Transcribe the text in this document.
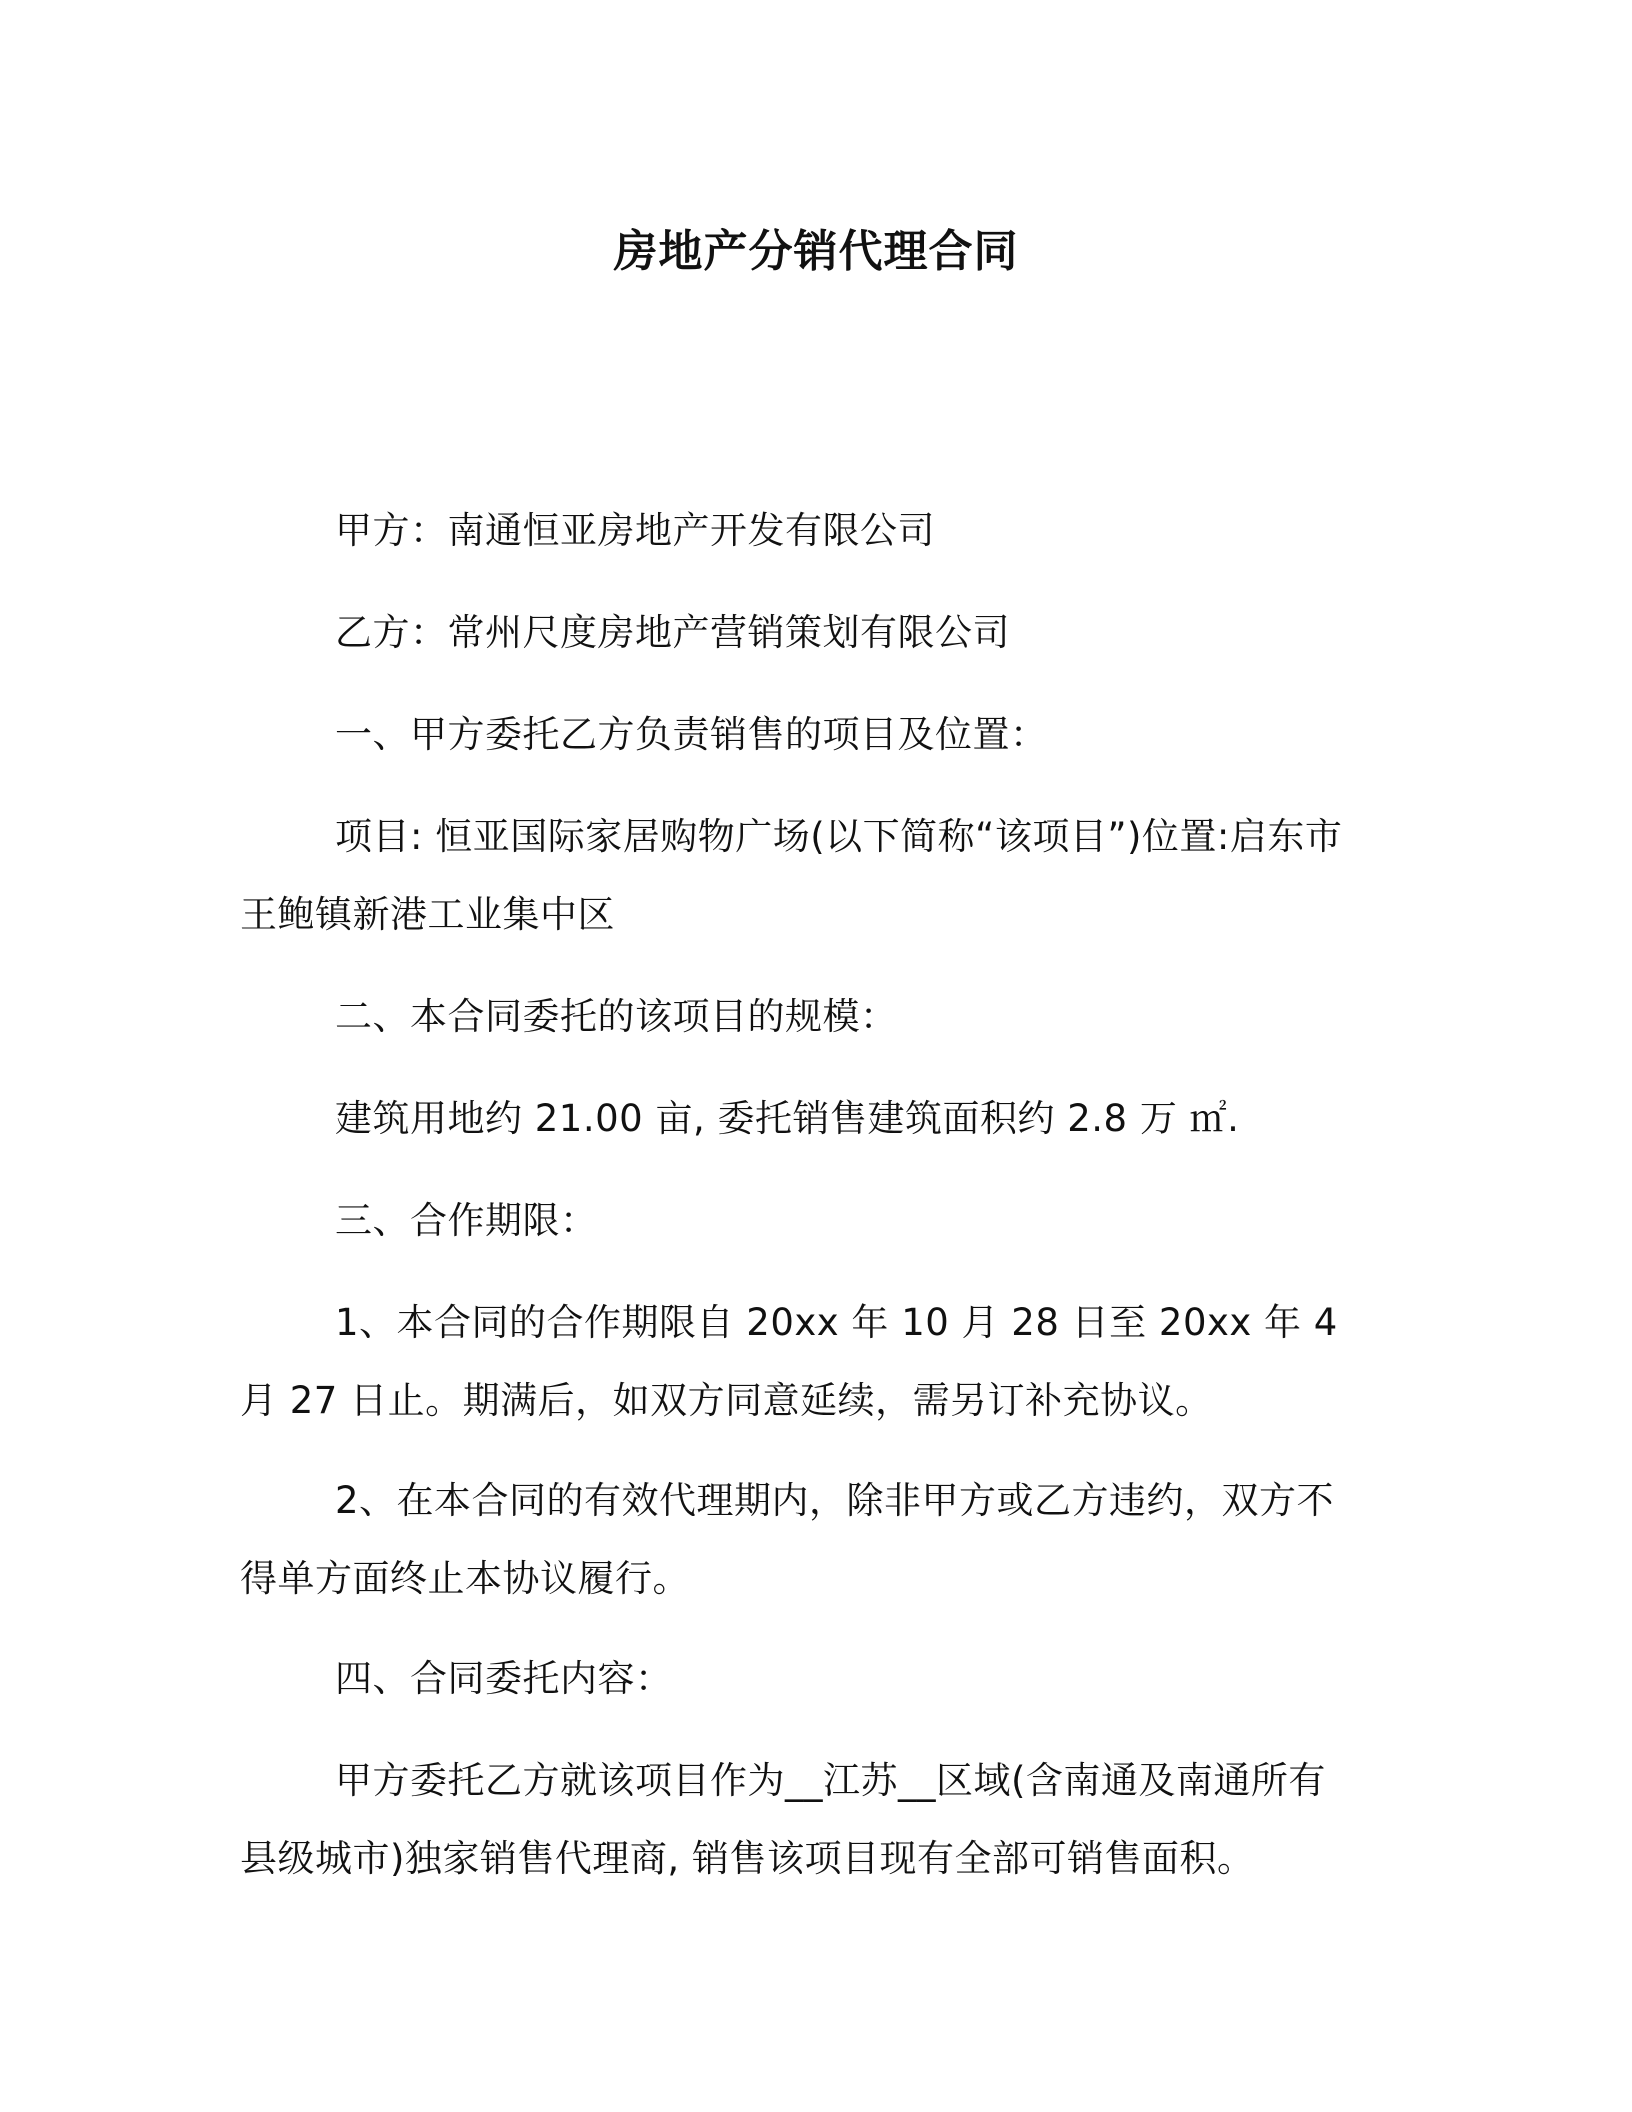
房地产分销代理合同

甲方：南通恒亚房地产开发有限公司

乙方：常州尺度房地产营销策划有限公司

一、甲方委托乙方负责销售的项目及位置：

项目: 恒亚国际家居购物广场(以下简称“该项目”)位置:启东市王鲍镇新港工业集中区

二、本合同委托的该项目的规模：

建筑用地约 21.00 亩, 委托销售建筑面积约 2.8 万 ㎡.

三、合作期限：

1、本合同的合作期限自 20xx 年 10 月 28 日至 20xx 年 4 月 27 日止。期满后，如双方同意延续，需另订补充协议。

2、在本合同的有效代理期内，除非甲方或乙方违约，双方不得单方面终止本协议履行。

四、合同委托内容：

甲方委托乙方就该项目作为__江苏__区域(含南通及南通所有县级城市)独家销售代理商, 销售该项目现有全部可销售面积。
